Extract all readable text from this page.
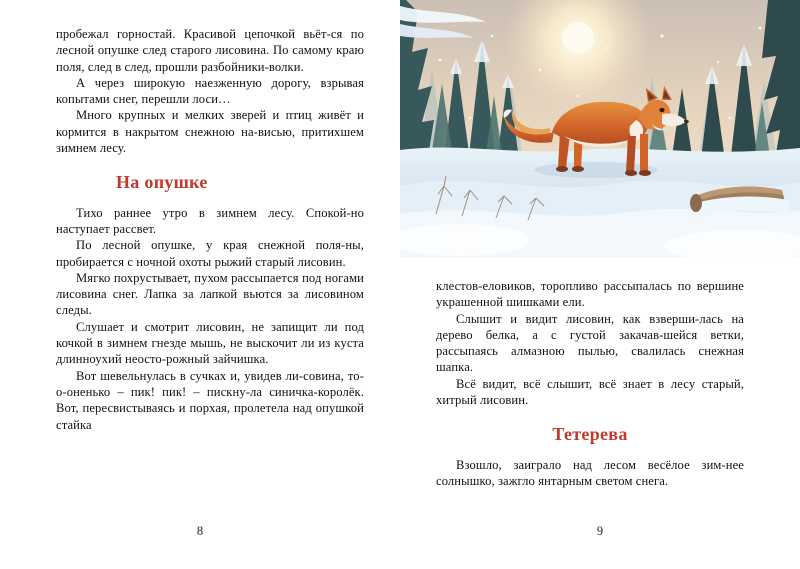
пробежал горностай. Красивой цепочкой вьёт-ся по лесной опушке след старого лисовина. По самому краю поля, след в след, прошли разбойники-волки.

А через широкую наезженную дорогу, взрывая копытами снег, перешли лоси…

Много крупных и мелких зверей и птиц живёт и кормится в накрытом снежною на-висью, притихшем зимнем лесу.

На опушке

Тихо раннее утро в зимнем лесу. Спокой-но наступает рассвет.

По лесной опушке, у края снежной поля-ны, пробирается с ночной охоты рыжий старый лисовин.

Мягко похрустывает, пухом рассыпается под ногами лисовина снег. Лапка за лапкой вьются за лисовином следы.

Слушает и смотрит лисовин, не запищит ли под кочкой в зимнем гнезде мышь, не выскочит ли из куста длинноухий неосто-рожный зайчишка.

Вот шевельнулась в сучках и, увидев ли-совина, то-о-оненько – пик! пик! – пискну-ла синичка-королёк. Вот, пересвистываясь и порхая, пролетела над опушкой стайка

8

клестов-еловиков, торопливо рассыпалась по вершине украшенной шишками ели.

Слышит и видит лисовин, как взверши-лась на дерево белка, а с густой закачав-шейся ветки, рассыпаясь алмазною пылью, свалилась снежная шапка.

Всё видит, всё слышит, всё знает в лесу старый, хитрый лисовин.

Тетерева

Взошло, заиграло над лесом весёлое зим-нее солнышко, зажгло янтарным светом снега.

9
